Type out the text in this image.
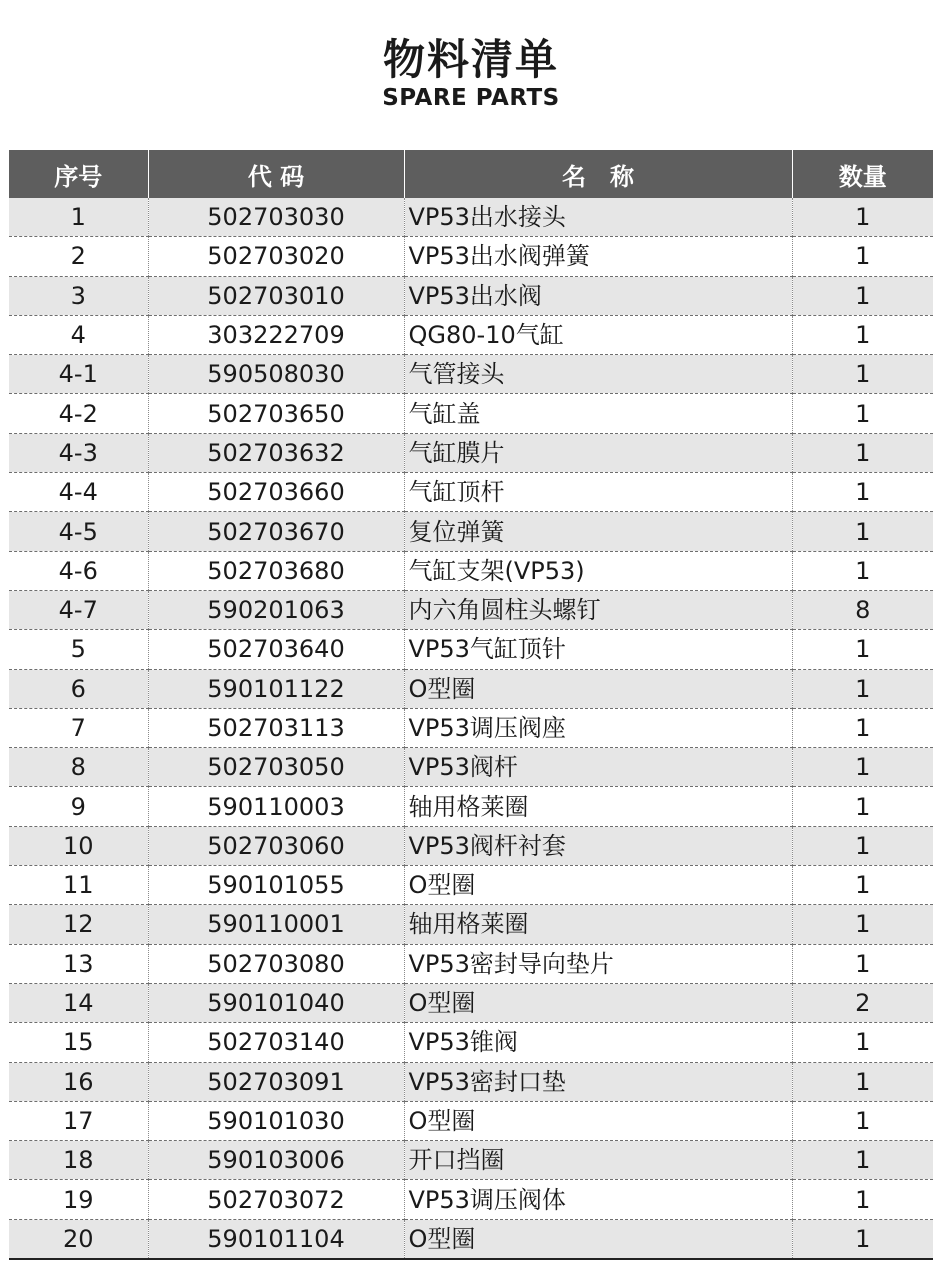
物料清单
SPARE PARTS
序号	代 码	名　称	数量
1	502703030	VP53出水接头	1
2	502703020	VP53出水阀弹簧	1
3	502703010	VP53出水阀	1
4	303222709	QG80-10气缸	1
4-1	590508030	气管接头	1
4-2	502703650	气缸盖	1
4-3	502703632	气缸膜片	1
4-4	502703660	气缸顶杆	1
4-5	502703670	复位弹簧	1
4-6	502703680	气缸支架(VP53)	1
4-7	590201063	内六角圆柱头螺钉	8
5	502703640	VP53气缸顶针	1
6	590101122	O型圈	1
7	502703113	VP53调压阀座	1
8	502703050	VP53阀杆	1
9	590110003	轴用格莱圈	1
10	502703060	VP53阀杆衬套	1
11	590101055	O型圈	1
12	590110001	轴用格莱圈	1
13	502703080	VP53密封导向垫片	1
14	590101040	O型圈	2
15	502703140	VP53锥阀	1
16	502703091	VP53密封口垫	1
17	590101030	O型圈	1
18	590103006	开口挡圈	1
19	502703072	VP53调压阀体	1
20	590101104	O型圈	1
